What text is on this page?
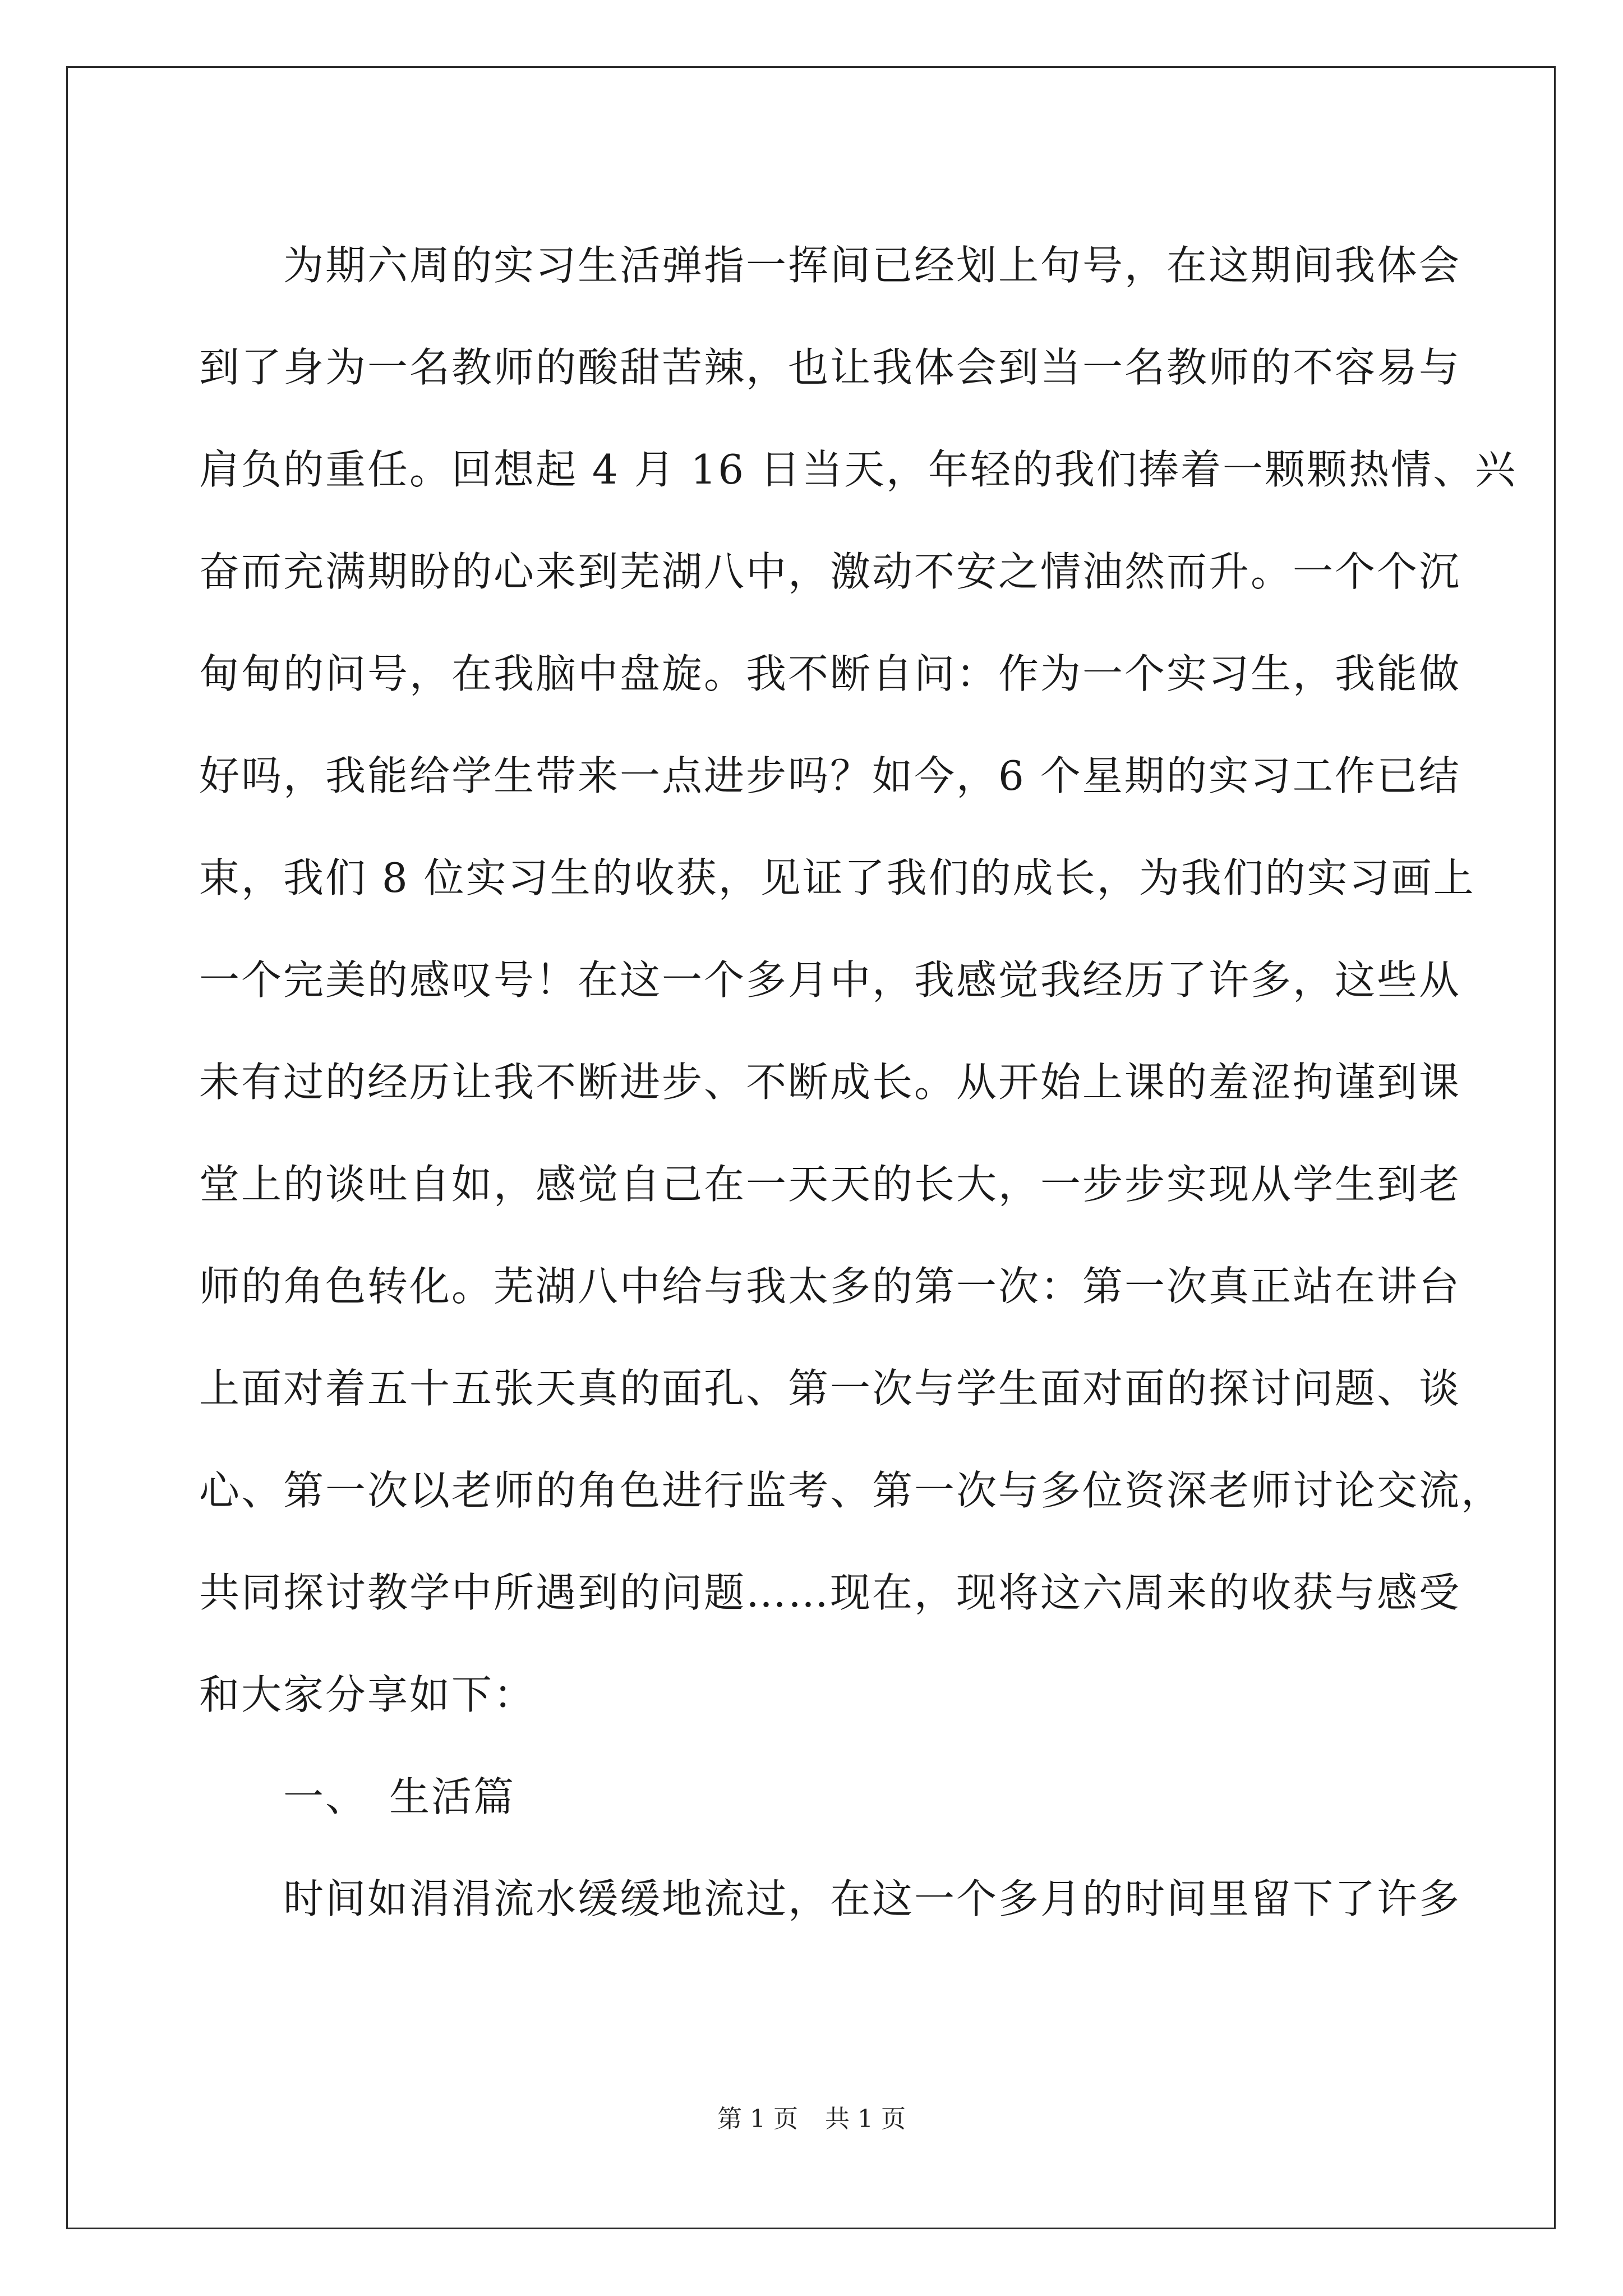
为期六周的实习生活弹指一挥间已经划上句号，在这期间我体会
到了身为一名教师的酸甜苦辣，也让我体会到当一名教师的不容易与
肩负的重任。回想起 4 月 16 日当天，年轻的我们捧着一颗颗热情、兴
奋而充满期盼的心来到芜湖八中，激动不安之情油然而升。一个个沉
甸甸的问号，在我脑中盘旋。我不断自问：作为一个实习生，我能做
好吗，我能给学生带来一点进步吗？如今，6 个星期的实习工作已结
束，我们 8 位实习生的收获，见证了我们的成长，为我们的实习画上
一个完美的感叹号！在这一个多月中，我感觉我经历了许多，这些从
未有过的经历让我不断进步、不断成长。从开始上课的羞涩拘谨到课
堂上的谈吐自如，感觉自己在一天天的长大，一步步实现从学生到老
师的角色转化。芜湖八中给与我太多的第一次：第一次真正站在讲台
上面对着五十五张天真的面孔、第一次与学生面对面的探讨问题、谈
心、第一次以老师的角色进行监考、第一次与多位资深老师讨论交流，
共同探讨教学中所遇到的问题……现在，现将这六周来的收获与感受
和大家分享如下：
一、　生活篇
时间如涓涓流水缓缓地流过，在这一个多月的时间里留下了许多
第 1 页 共 1 页
